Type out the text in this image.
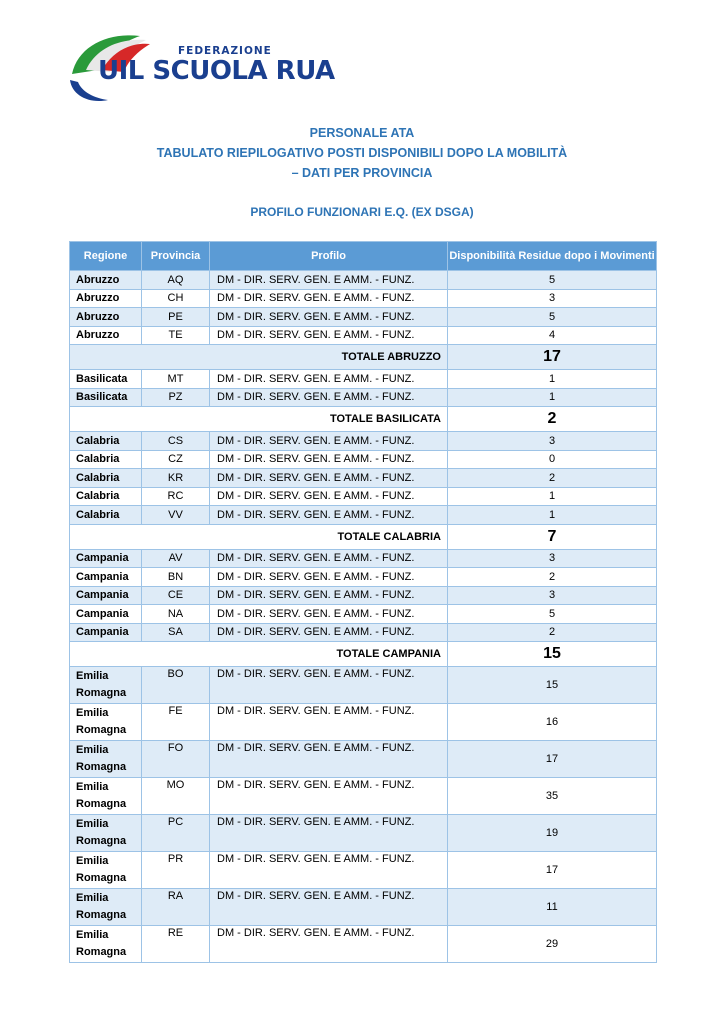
FEDERAZIONE
UIL SCUOLA RUA
PERSONALE ATA
TABULATO RIEPILOGATIVO POSTI DISPONIBILI DOPO LA MOBILITÀ
– DATI PER PROVINCIA
PROFILO FUNZIONARI E.Q. (EX DSGA)
Regione	Provincia	Profilo	Disponibilità Residue dopo i Movimenti
Abruzzo	AQ	DM - DIR. SERV. GEN. E AMM. - FUNZ.	5
Abruzzo	CH	DM - DIR. SERV. GEN. E AMM. - FUNZ.	3
Abruzzo	PE	DM - DIR. SERV. GEN. E AMM. - FUNZ.	5
Abruzzo	TE	DM - DIR. SERV. GEN. E AMM. - FUNZ.	4
TOTALE ABRUZZO			17
Basilicata	MT	DM - DIR. SERV. GEN. E AMM. - FUNZ.	1
Basilicata	PZ	DM - DIR. SERV. GEN. E AMM. - FUNZ.	1
TOTALE BASILICATA			2
Calabria	CS	DM - DIR. SERV. GEN. E AMM. - FUNZ.	3
Calabria	CZ	DM - DIR. SERV. GEN. E AMM. - FUNZ.	0
Calabria	KR	DM - DIR. SERV. GEN. E AMM. - FUNZ.	2
Calabria	RC	DM - DIR. SERV. GEN. E AMM. - FUNZ.	1
Calabria	VV	DM - DIR. SERV. GEN. E AMM. - FUNZ.	1
TOTALE CALABRIA			7
Campania	AV	DM - DIR. SERV. GEN. E AMM. - FUNZ.	3
Campania	BN	DM - DIR. SERV. GEN. E AMM. - FUNZ.	2
Campania	CE	DM - DIR. SERV. GEN. E AMM. - FUNZ.	3
Campania	NA	DM - DIR. SERV. GEN. E AMM. - FUNZ.	5
Campania	SA	DM - DIR. SERV. GEN. E AMM. - FUNZ.	2
TOTALE CAMPANIA			15
Emilia
Romagna	BO	DM - DIR. SERV. GEN. E AMM. - FUNZ.	15
Emilia
Romagna	FE	DM - DIR. SERV. GEN. E AMM. - FUNZ.	16
Emilia
Romagna	FO	DM - DIR. SERV. GEN. E AMM. - FUNZ.	17
Emilia
Romagna	MO	DM - DIR. SERV. GEN. E AMM. - FUNZ.	35
Emilia
Romagna	PC	DM - DIR. SERV. GEN. E AMM. - FUNZ.	19
Emilia
Romagna	PR	DM - DIR. SERV. GEN. E AMM. - FUNZ.	17
Emilia
Romagna	RA	DM - DIR. SERV. GEN. E AMM. - FUNZ.	11
Emilia
Romagna	RE	DM - DIR. SERV. GEN. E AMM. - FUNZ.	29
